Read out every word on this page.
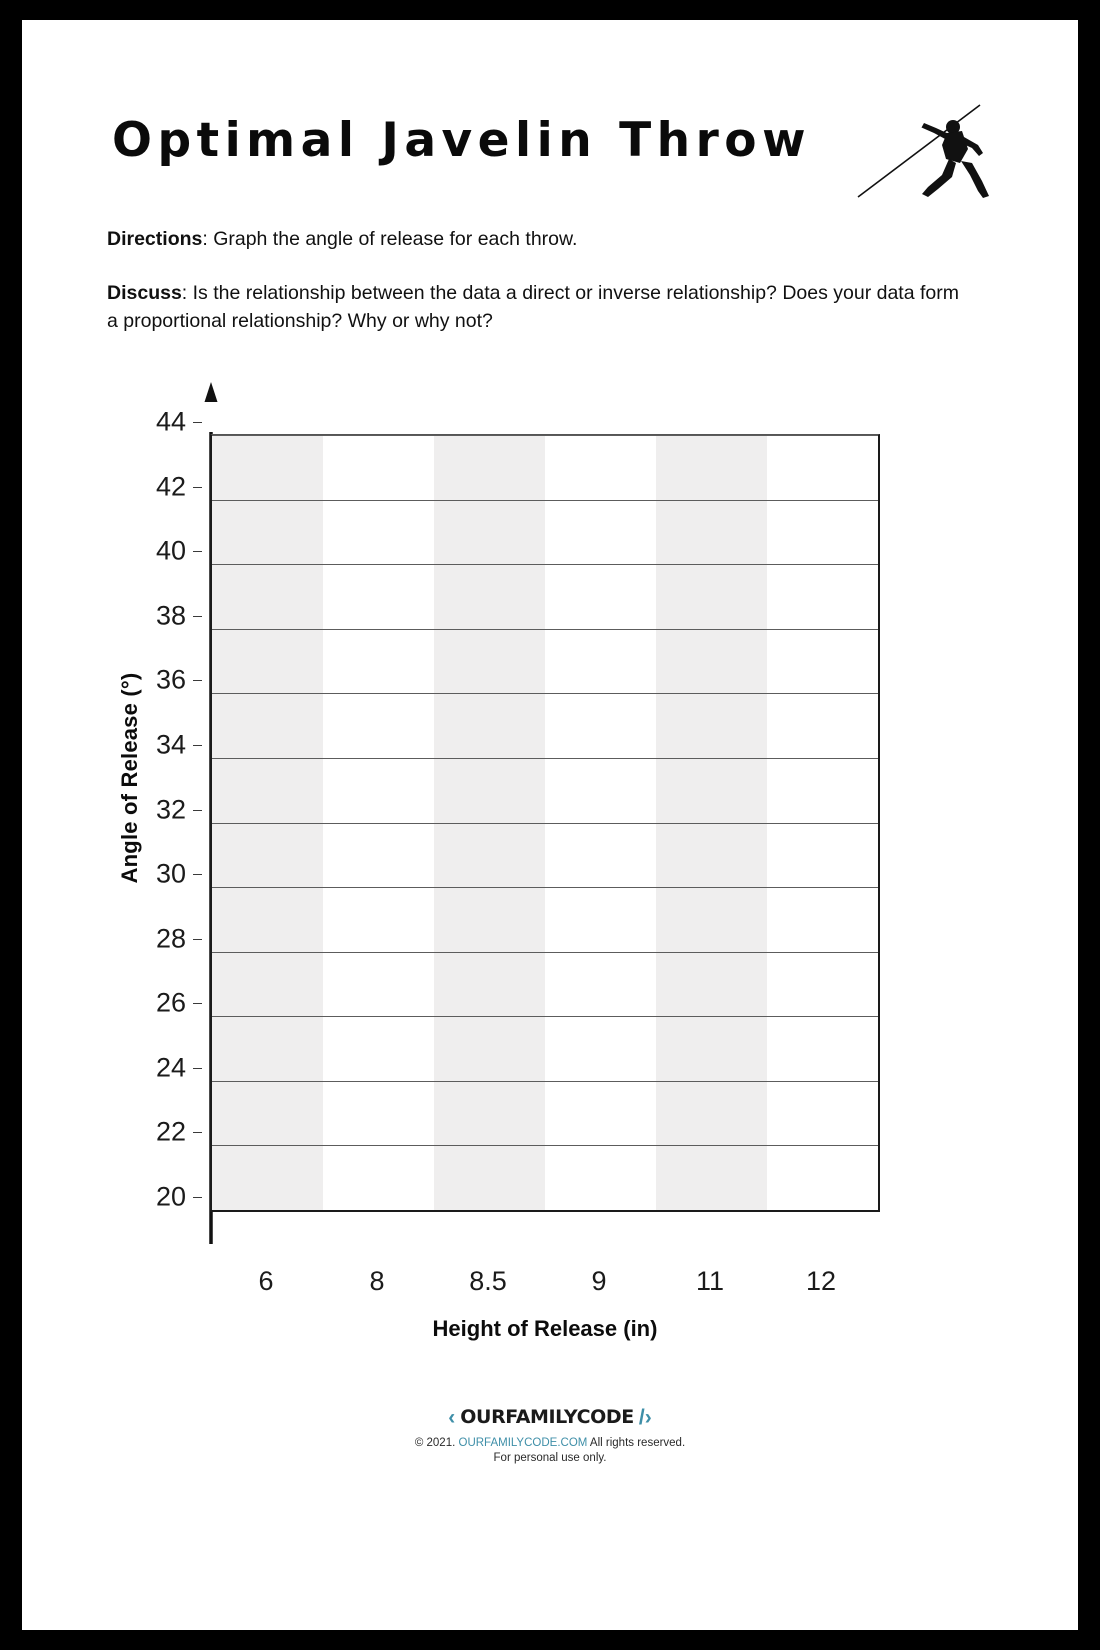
Optimal Javelin Throw

Directions: Graph the angle of release for each throw.

Discuss: Is the relationship between the data a direct or inverse relationship? Does your data form a proportional relationship? Why or why not?

Angle of Release (°)
20
22
24
26
28
30
32
34
36
38
40
42
44
6	8	8.5	9	11	12
Height of Release (in)
‹ OURFAMILYCODE /›
© 2021. OURFAMILYCODE.COM All rights reserved.
For personal use only.
